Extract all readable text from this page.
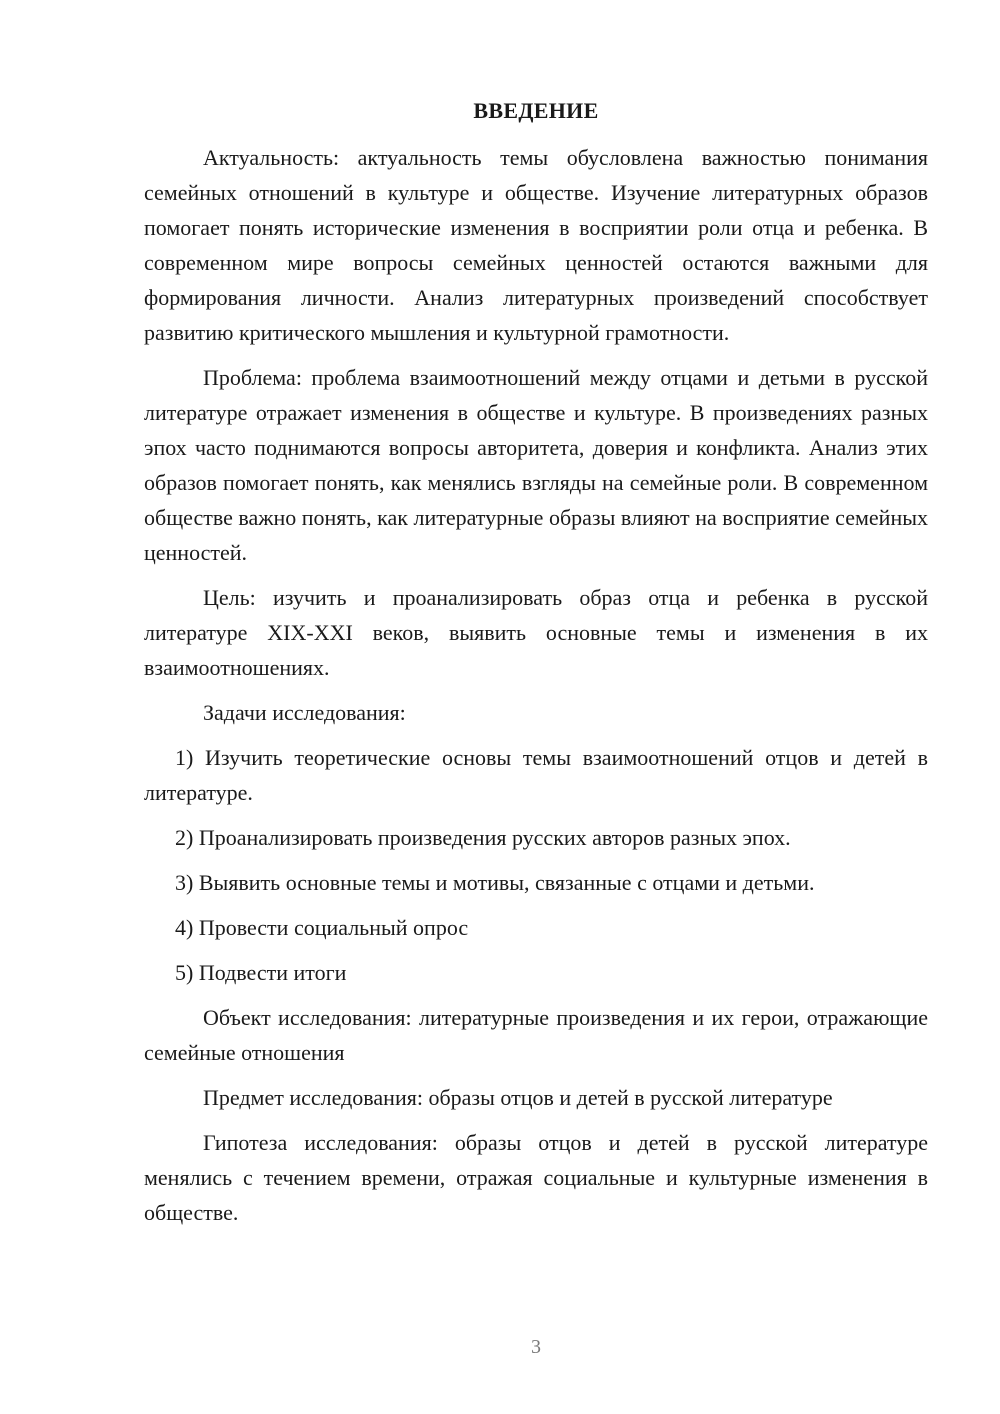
ВВЕДЕНИЕ

Актуальность: актуальность темы обусловлена важностью понимания семейных отношений в культуре и обществе. Изучение литературных образов помогает понять исторические изменения в восприятии роли отца и ребенка. В современном мире вопросы семейных ценностей остаются важными для формирования личности. Анализ литературных произведений способствует развитию критического мышления и культурной грамотности.

Проблема: проблема взаимоотношений между отцами и детьми в русской литературе отражает изменения в обществе и культуре. В произведениях разных эпох часто поднимаются вопросы авторитета, доверия и конфликта. Анализ этих образов помогает понять, как менялись взгляды на семейные роли. В современном обществе важно понять, как литературные образы влияют на восприятие семейных ценностей.

Цель: изучить и проанализировать образ отца и ребенка в русской литературе XIX-XXI веков, выявить основные темы и изменения в их взаимоотношениях.

Задачи исследования:

1) Изучить теоретические основы темы взаимоотношений отцов и детей в литературе.

2) Проанализировать произведения русских авторов разных эпох.

3) Выявить основные темы и мотивы, связанные с отцами и детьми.

4) Провести социальный опрос

5) Подвести итоги

Объект исследования: литературные произведения и их герои, отражающие семейные отношения

Предмет исследования: образы отцов и детей в русской литературе

Гипотеза исследования: образы отцов и детей в русской литературе менялись с течением времени, отражая социальные и культурные изменения в обществе.

3
